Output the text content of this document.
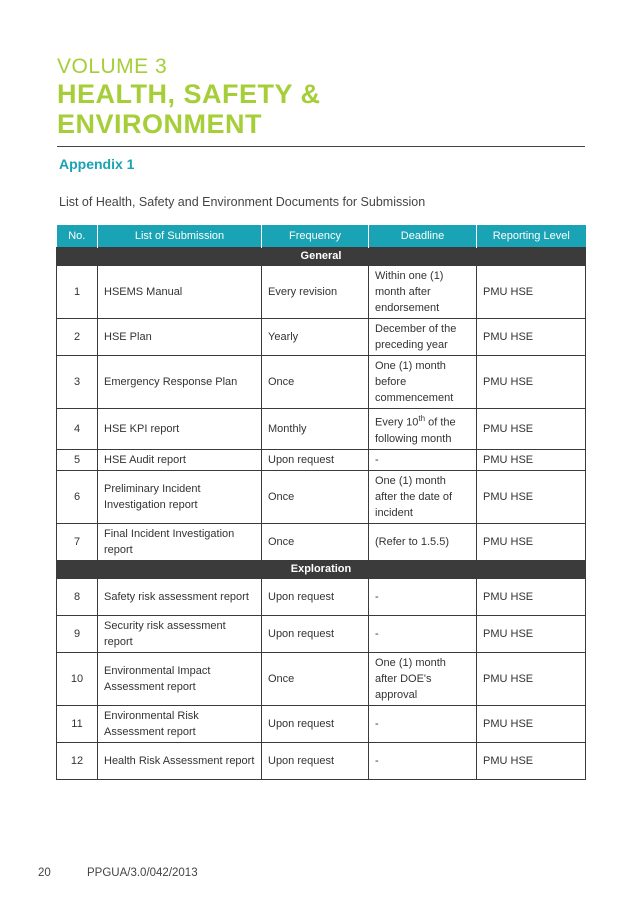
VOLUME 3
HEALTH, SAFETY &
ENVIRONMENT
Appendix 1
List of Health, Safety and Environment Documents for Submission
No.	List of Submission	Frequency	Deadline	Reporting Level
General				
1	HSEMS Manual	Every revision	Within one (1) month after endorsement	PMU HSE
2	HSE Plan	Yearly	December of the preceding year	PMU HSE
3	Emergency Response Plan	Once	One (1) month before commencement	PMU HSE
4	HSE KPI report	Monthly	Every 10th of the following month	PMU HSE
5	HSE Audit report	Upon request	-	PMU HSE
6	Preliminary Incident Investigation report	Once	One (1) month after the date of incident	PMU HSE
7	Final Incident Investigation report	Once	(Refer to 1.5.5)	PMU HSE
Exploration				
8	Safety risk assessment report	Upon request	-	PMU HSE
9	Security risk assessment report	Upon request	-	PMU HSE
10	Environmental Impact Assessment report	Once	One (1) month after DOE's approval	PMU HSE
11	Environmental Risk Assessment report	Upon request	-	PMU HSE
12	Health Risk Assessment report	Upon request	-	PMU HSE
20	PPGUA/3.0/042/2013
